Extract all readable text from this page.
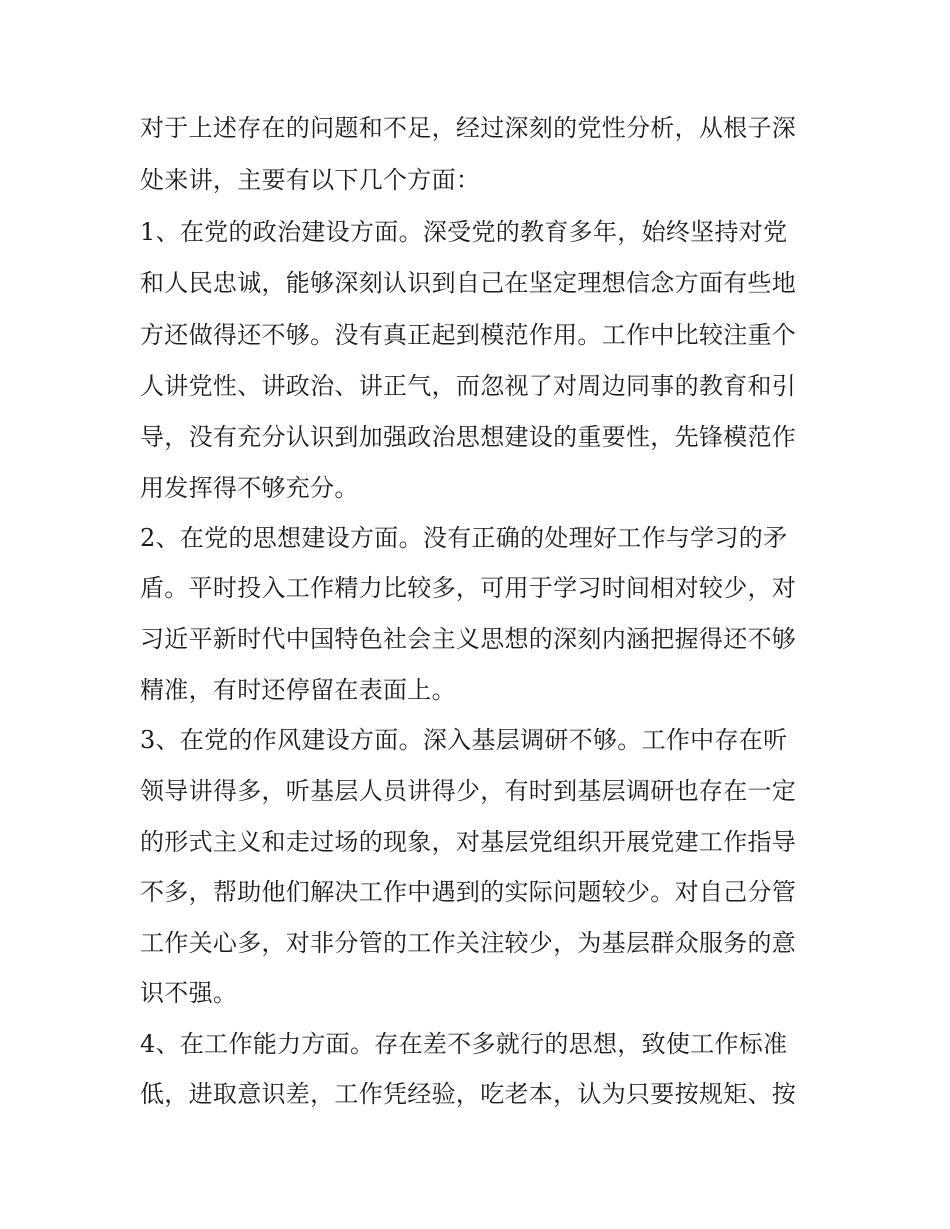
对于上述存在的问题和不足，经过深刻的党性分析，从根子深
处来讲，主要有以下几个方面：
1、在党的政治建设方面。深受党的教育多年，始终坚持对党
和人民忠诚，能够深刻认识到自己在坚定理想信念方面有些地
方还做得还不够。没有真正起到模范作用。工作中比较注重个
人讲党性、讲政治、讲正气，而忽视了对周边同事的教育和引
导，没有充分认识到加强政治思想建设的重要性，先锋模范作
用发挥得不够充分。
2、在党的思想建设方面。没有正确的处理好工作与学习的矛
盾。平时投入工作精力比较多，可用于学习时间相对较少，对
习近平新时代中国特色社会主义思想的深刻内涵把握得还不够
精准，有时还停留在表面上。
3、在党的作风建设方面。深入基层调研不够。工作中存在听
领导讲得多，听基层人员讲得少，有时到基层调研也存在一定
的形式主义和走过场的现象，对基层党组织开展党建工作指导
不多，帮助他们解决工作中遇到的实际问题较少。对自己分管
工作关心多，对非分管的工作关注较少，为基层群众服务的意
识不强。
4、在工作能力方面。存在差不多就行的思想，致使工作标准
低，进取意识差，工作凭经验，吃老本，认为只要按规矩、按
